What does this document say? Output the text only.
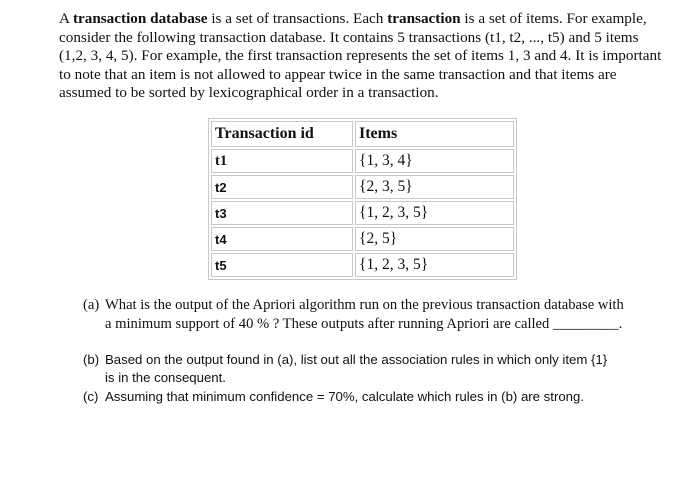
A transaction database is a set of transactions. Each transaction is a set of items. For example, consider the following transaction database. It contains 5 transactions (t1, t2, ..., t5) and 5 items (1,2, 3, 4, 5). For example, the first transaction represents the set of items 1, 3 and 4. It is important to note that an item is not allowed to appear twice in the same transaction and that items are assumed to be sorted by lexicographical order in a transaction.

Transaction id	Items
t1	{1, 3, 4}
t2	{2, 3, 5}
t3	{1, 2, 3, 5}
t4	{2, 5}
t5	{1, 2, 3, 5}

(a) What is the output of the Apriori algorithm run on the previous transaction database with
a minimum support of 40 % ? These outputs after running Apriori are called _________.

(b) Based on the output found in (a), list out all the association rules in which only item {1}
is in the consequent.

(c) Assuming that minimum confidence = 70%, calculate which rules in (b) are strong.
